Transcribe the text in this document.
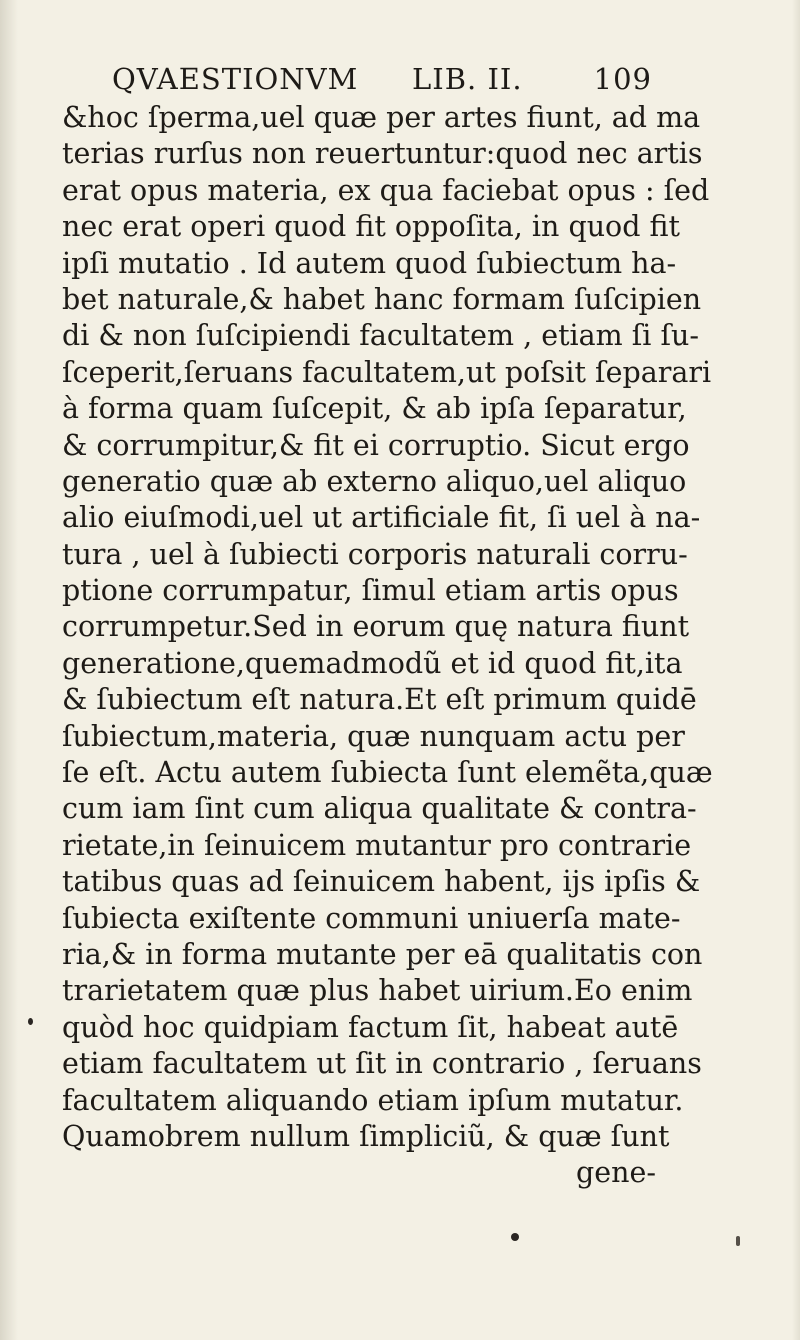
QVAESTIONVM LIB. II. 109
&hoc ſperma,uel quæ per artes fiunt, ad ma
terias rurſus non reuertuntur:quod nec artis
erat opus materia, ex qua faciebat opus : ſed
nec erat operi quod fit oppoſita, in quod fit
ipſi mutatio . Id autem quod ſubiectum ha-
bet naturale,& habet hanc formam ſuſcipien
di & non ſuſcipiendi facultatem , etiam ſi ſu-
ſceperit,ſeruans facultatem,ut poſsit ſeparari
à forma quam ſuſcepit, & ab ipſa ſeparatur,
& corrumpitur,& fit ei corruptio. Sicut ergo
generatio quæ ab externo aliquo,uel aliquo
alio eiuſmodi,uel ut artificiale fit, ſi uel à na-
tura , uel à ſubiecti corporis naturali corru-
ptione corrumpatur, ſimul etiam artis opus
corrumpetur.Sed in eorum quę natura fiunt
generatione,quemadmodũ et id quod fit,ita
& ſubiectum eſt natura.Et eſt primum quidē
ſubiectum,materia, quæ nunquam actu per
ſe eſt. Actu autem ſubiecta ſunt elemẽta,quæ
cum iam ſint cum aliqua qualitate & contra-
rietate,in ſeinuicem mutantur pro contrarie
tatibus quas ad ſeinuicem habent, ijs ipſis &
ſubiecta exiſtente communi uniuerſa mate-
ria,& in forma mutante per eā qualitatis con
trarietatem quæ plus habet uirium.Eo enim
quòd hoc quidpiam factum ſit, habeat autē
etiam facultatem ut ſit in contrario , ſeruans
facultatem aliquando etiam ipſum mutatur.
Quamobrem nullum ſimpliciũ, & quæ ſunt
gene-
